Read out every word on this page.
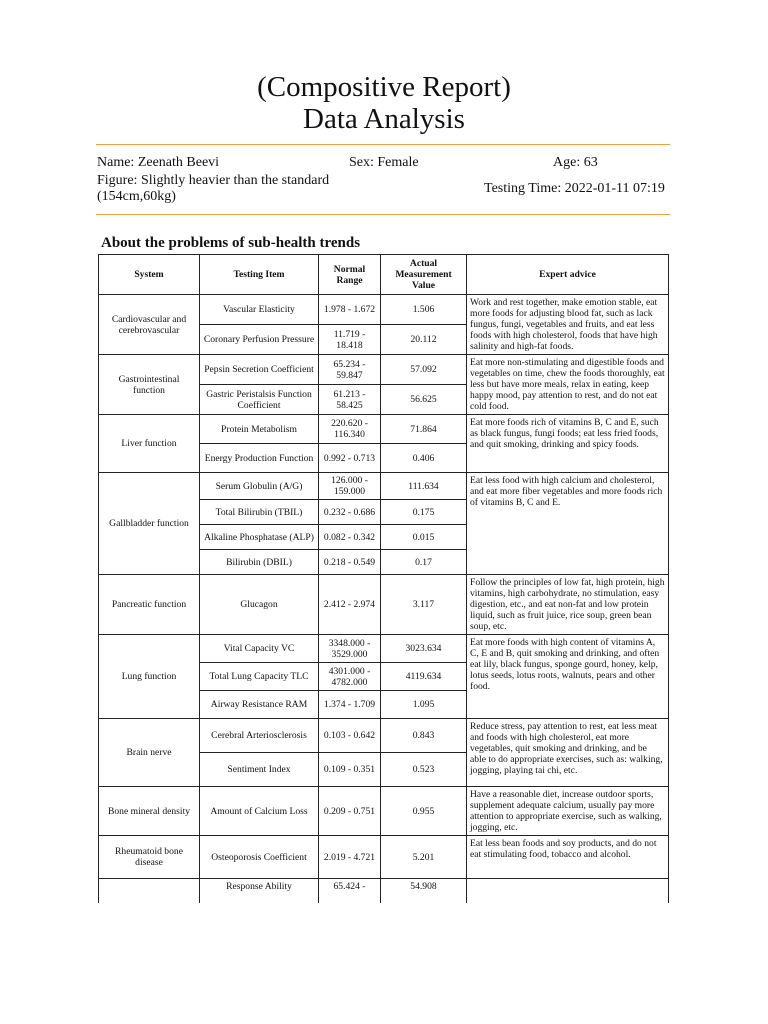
(Compositive Report)
Data Analysis
Name: Zeenath Beevi	Sex: Female	Age: 63
Figure: Slightly heavier than the standard
(154cm,60kg)
Testing Time: 2022-01-11 07:19
About the problems of sub-health trends
System	Testing Item	Normal Range	Actual Measurement Value	Expert advice
Cardiovascular and cerebrovascular	Vascular Elasticity	1.978 - 1.672	1.506	Work and rest together, make emotion stable, eat more foods for adjusting blood fat, such as lack fungus, fungi, vegetables and fruits, and eat less foods with high cholesterol, foods that have high salinity and high-fat foods.
	Coronary Perfusion Pressure	11.719 - 18.418	20.112	
Gastrointestinal function	Pepsin Secretion Coefficient	65.234 - 59.847	57.092	Eat more non-stimulating and digestible foods and vegetables on time, chew the foods thoroughly, eat less but have more meals, relax in eating, keep happy mood, pay attention to rest, and do not eat cold food.
	Gastric Peristalsis Function Coefficient	61.213 - 58.425	56.625	
Liver function	Protein Metabolism	220.620 - 116.340	71.864	Eat more foods rich of vitamins B, C and E, such as black fungus, fungi foods; eat less fried foods, and quit smoking, drinking and spicy foods.
	Energy Production Function	0.992 - 0.713	0.406	
Gallbladder function	Serum Globulin (A/G)	126.000 - 159.000	111.634	Eat less food with high calcium and cholesterol, and eat more fiber vegetables and more foods rich of vitamins B, C and E.
	Total Bilirubin (TBIL)	0.232 - 0.686	0.175	
	Alkaline Phosphatase (ALP)	0.082 - 0.342	0.015	
	Bilirubin (DBIL)	0.218 - 0.549	0.17	
Pancreatic function	Glucagon	2.412 - 2.974	3.117	Follow the principles of low fat, high protein, high vitamins, high carbohydrate, no stimulation, easy digestion, etc., and eat non-fat and low protein liquid, such as fruit juice, rice soup, green bean soup, etc.
Lung function	Vital Capacity VC	3348.000 - 3529.000	3023.634	Eat more foods with high content of vitamins A, C, E and B, quit smoking and drinking, and often eat lily, black fungus, sponge gourd, honey, kelp, lotus seeds, lotus roots, walnuts, pears and other food.
	Total Lung Capacity TLC	4301.000 - 4782.000	4119.634	
	Airway Resistance RAM	1.374 - 1.709	1.095	
Brain nerve	Cerebral Arteriosclerosis	0.103 - 0.642	0.843	Reduce stress, pay attention to rest, eat less meat and foods with high cholesterol, eat more vegetables, quit smoking and drinking, and be able to do appropriate exercises, such as: walking, jogging, playing tai chi, etc.
	Sentiment Index	0.109 - 0.351	0.523	
Bone mineral density	Amount of Calcium Loss	0.209 - 0.751	0.955	Have a reasonable diet, increase outdoor sports, supplement adequate calcium, usually pay more attention to appropriate exercise, such as walking, jogging, etc.
Rheumatoid bone disease	Osteoporosis Coefficient	2.019 - 4.721	5.201	Eat less bean foods and soy products, and do not eat stimulating food, tobacco and alcohol.
	Response Ability	65.424 -	54.908	
